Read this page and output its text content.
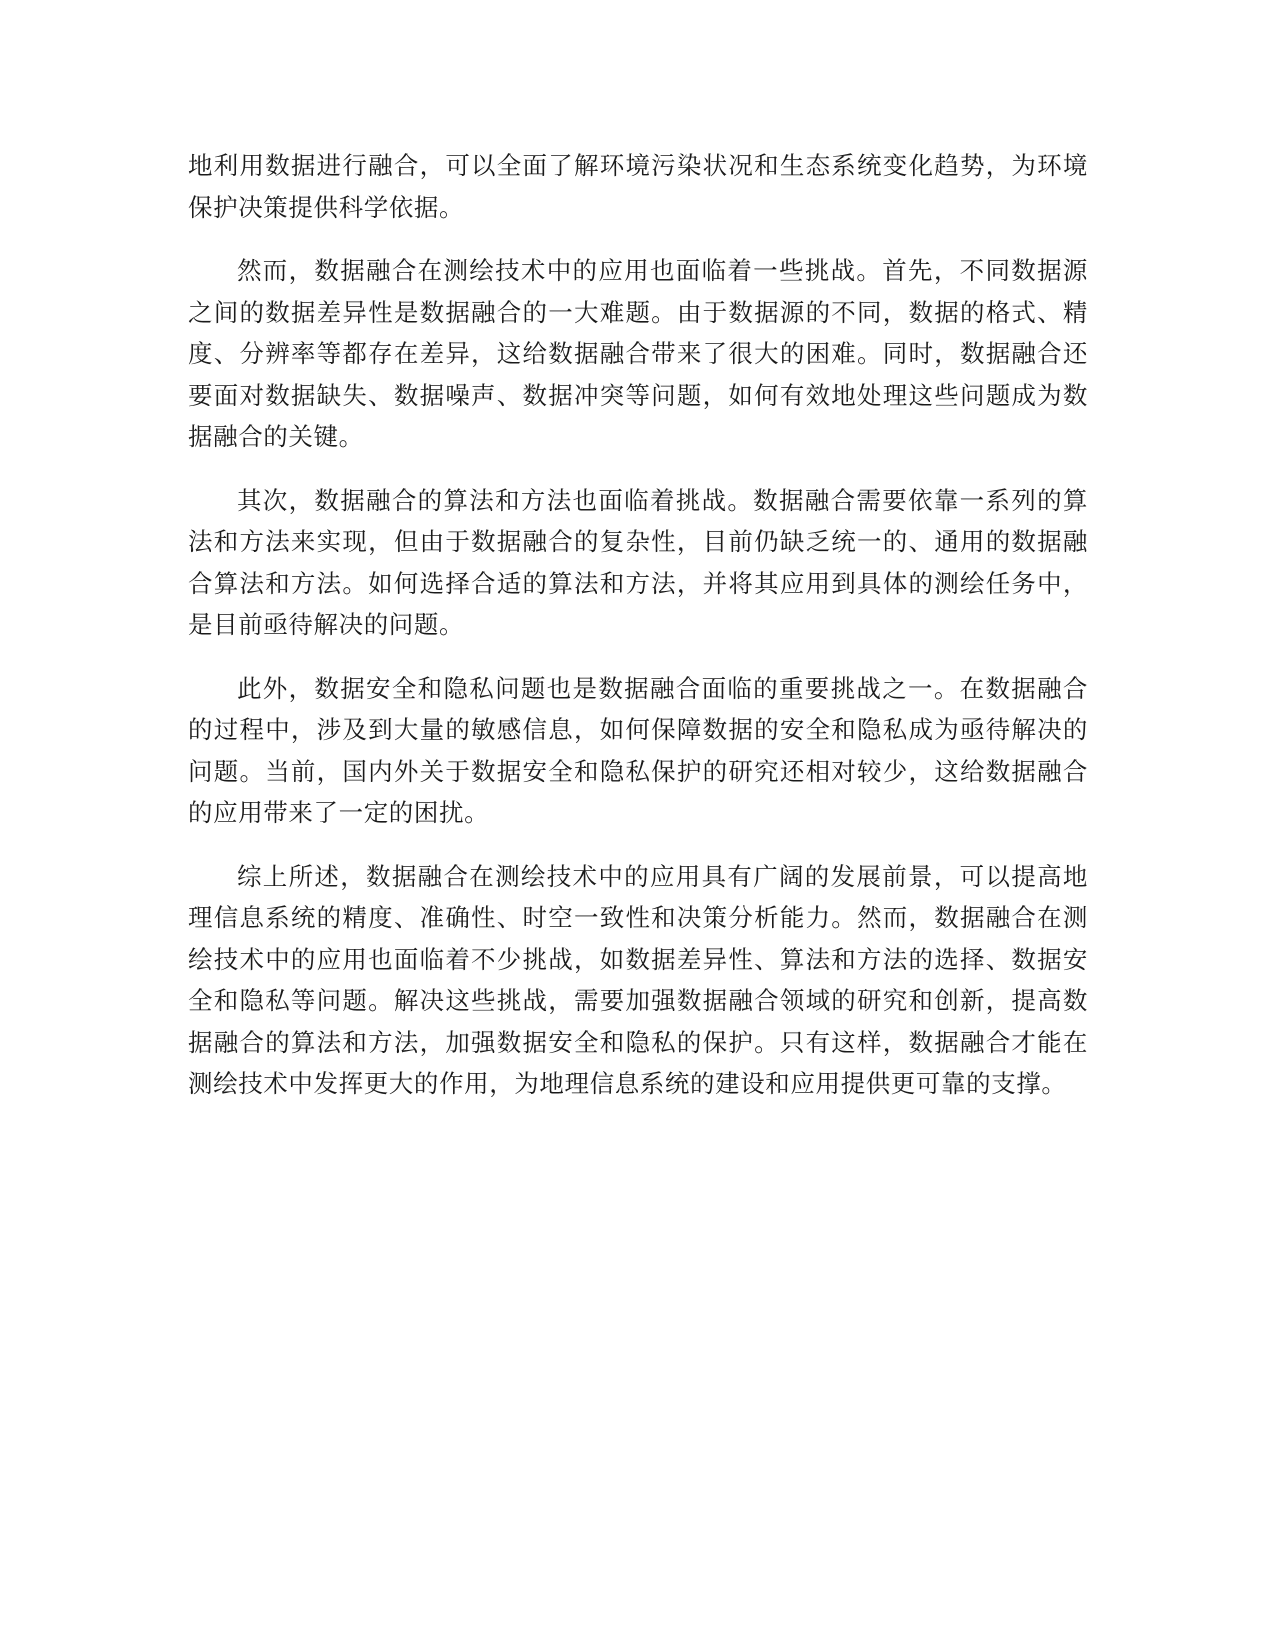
地利用数据进行融合，可以全面了解环境污染状况和生态系统变化趋势，为环境保护决策提供科学依据。

然而，数据融合在测绘技术中的应用也面临着一些挑战。首先，不同数据源之间的数据差异性是数据融合的一大难题。由于数据源的不同，数据的格式、精度、分辨率等都存在差异，这给数据融合带来了很大的困难。同时，数据融合还要面对数据缺失、数据噪声、数据冲突等问题，如何有效地处理这些问题成为数据融合的关键。

其次，数据融合的算法和方法也面临着挑战。数据融合需要依靠一系列的算法和方法来实现，但由于数据融合的复杂性，目前仍缺乏统一的、通用的数据融合算法和方法。如何选择合适的算法和方法，并将其应用到具体的测绘任务中，是目前亟待解决的问题。

此外，数据安全和隐私问题也是数据融合面临的重要挑战之一。在数据融合的过程中，涉及到大量的敏感信息，如何保障数据的安全和隐私成为亟待解决的问题。当前，国内外关于数据安全和隐私保护的研究还相对较少，这给数据融合的应用带来了一定的困扰。

综上所述，数据融合在测绘技术中的应用具有广阔的发展前景，可以提高地理信息系统的精度、准确性、时空一致性和决策分析能力。然而，数据融合在测绘技术中的应用也面临着不少挑战，如数据差异性、算法和方法的选择、数据安全和隐私等问题。解决这些挑战，需要加强数据融合领域的研究和创新，提高数据融合的算法和方法，加强数据安全和隐私的保护。只有这样，数据融合才能在测绘技术中发挥更大的作用，为地理信息系统的建设和应用提供更可靠的支撑。
